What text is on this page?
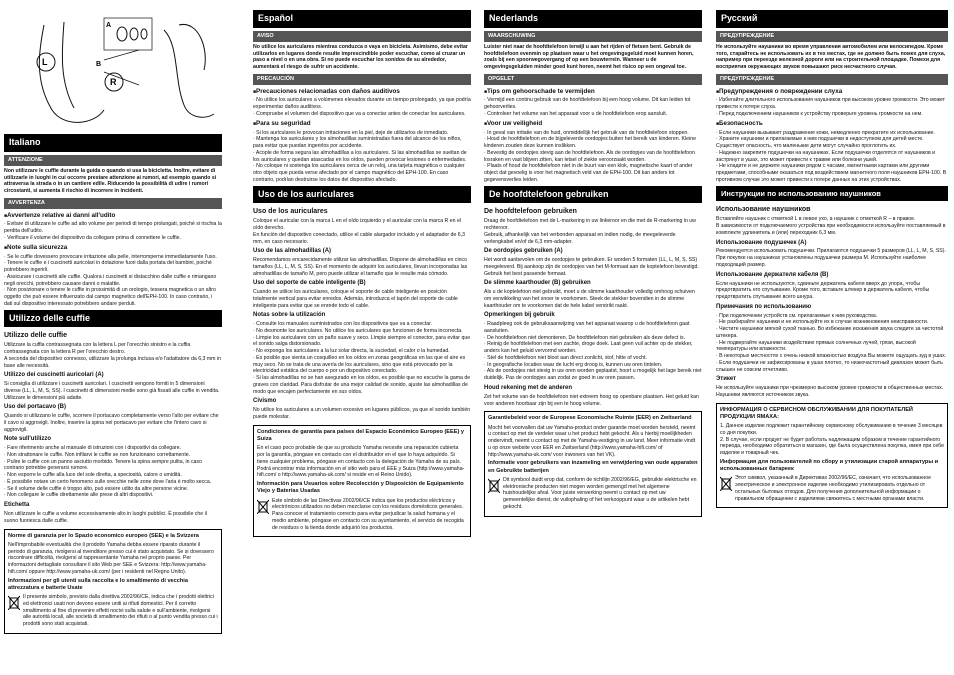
L
R
A
B
Italiano
ATTENZIONE

Non utilizzare le cuffie durante la guida o quando si usa la bicicletta. Inoltre, evitare di utilizzarle in luoghi in cui occorre prestare attenzione ai rumori, ad esempio quando si attraversa la strada o in un cantiere edile. Riducendo la possibilità di udire i rumori circostanti, si aumenta il rischio di incorrere in incidenti.

AVVERTENZA
■ Avvertenze relative ai danni all'udito

· Evitare di utilizzare le cuffie ad alto volume per periodi di tempo prolungati, poiché si rischia la perdita dell'udito.
· Verificare il volume del dispositivo da collegare prima di connettere le cuffie.

■ Note sulla sicurezza

· Se le cuffie dovessero provocare irritazione alla pelle, interromperne immediatamente l'uso.
· Tenere le cuffie e i cuscinetti auricolari in dotazione fuori dalla portata dei bambini, poiché potrebbero ingerirli.
· Assicurare i cuscinetti alle cuffie. Qualora i cuscinetti si distacchino dalle cuffie e rimangano negli orecchi, potrebbero causare danni o malattie.
· Non posizionare o tenere le cuffie in prossimità di un orologio, tessera magnetica o un altro oggetto che può essere influenzato dal campo magnetico dell'EPH-100. In caso contrario, i dati sul dispositivo interessato potrebbero andare perduti.

Utilizzo delle cuffie
Utilizzo delle cuffie

Utilizzare la cuffia contrassegnata con la lettera L per l'orecchio sinistro e la cuffia contrassegnata con la lettera R per l'orecchio destro.
A seconda del dispositivo connesso, utilizzare la prolunga inclusa e/o l'adattatore da 6,3 mm in base alle necessità.

Utilizzo dei cuscinetti auricolari (A)

Si consiglia di utilizzare i cuscinetti auricolari. I cuscinetti vengono forniti in 5 dimensioni diverse (LL, L, M, S, SS). I cuscinetti di dimensioni medie sono già fissati alle cuffie in vendita. Utilizzare le dimensioni più adatte.

Uso del portacavo (B)

Quando si utilizzano le cuffie, scorrere il portacavo completamente verso l'alto per evitare che il cavo si aggrovigli. Inoltre, inserire la spina nel portacavo per evitare che l'intero cavo si aggrovigli.

Note sull'utilizzo

· Fare riferimento anche al manuale di istruzioni con i dispositivi da collegare.
· Non strattonare le cuffie. Non infilarvi le cuffie se non funzionano correttamente.
· Pulire le cuffie con un panno asciutto morbido. Tenere la spina sempre pulita, in caso contrario potrebbe generarsi rumore.
· Non esporre le cuffie alla luce del sole diretta, a speciosità, calore o umidità.
· È possibile notare un certo fenomeno sulle orecchie nelle zone dove l'aria è molto secca.
· Se il volume delle cuffie è troppo alto, può essere udito da altre persone vicine.
· Non collegare le cuffie direttamente alle prese di altri dispositivi.

Etichetta

Non utilizzare le cuffie a volume eccessivamente alto in luoghi pubblici. È possibile che il suono fuoriesca dalle cuffie.

Norme di garanzia per lo Spazio economico europeo (SEE) e la Svizzera

Nell'improbabile eventualità che il prodotto Yamaha debba essere riparato durante il periodo di garanzia, rivolgersi al rivenditore presso cui è stato acquistato. Se si dovessero riscontrare difficoltà, rivolgersi al rappresentante Yamaha nel proprio paese. Per informazioni dettagliate consultare il sito Web per SEE e Svizzera: http://www.yamaha-hifi.com/ oppure http://www.yamaha-uk.com/ (per i residenti nel Regno Unito).

Informazioni per gli utenti sulla raccolta e lo smaltimento di vecchia attrezzatura e batterie Usate

Il presente simbolo, previsto dalla direttiva 2002/96/CE, indica che i prodotti elettrici ed elettronici usati non devono essere uniti ai rifiuti domestici. Per il corretto smaltimento al fine di prevenire effetti nocivi sulla salute e sull'ambiente, rivolgersi alle autorità locali, alle società di smaltimento dei rifiuti o al punto vendita presso cui i prodotti sono stati acquistati.

Español
AVISO

No utilice los auriculares mientras conduzca o vaya en bicicleta. Asimismo, debe evitar utilizarlos en lugares donde resulte imprescindible poder escuchar, como al cruzar un paso a nivel o en una obra. Si no puede escuchar los sonidos de su alrededor, aumentará el riesgo de sufrir un accidente.

PRECAUCIÓN
■ Precauciones relacionadas con daños auditivos

· No utilice los auriculares a volúmenes elevados durante un tiempo prolongado, ya que podría experimentar daños auditivos.
· Compruebe el volumen del dispositivo que va a conectar antes de conectar los auriculares.

■ Para su seguridad

· Si los auriculares le provocan irritaciones en la piel, deje de utilizarlos de inmediato.
· Mantenga los auriculares y los almohadillas suministradas fuera del alcance de los niños, para evitar que puedan ingerirlos por accidente.
· Acople de forma segura las almohadillas a los auriculares. Si las almohadillas se sueltan de los auriculares y quedan atascadas en los oídos, pueden provocar lesiones o enfermedades.
· No coloque ni sostenga los auriculares cerca de un reloj, una tarjeta magnética o cualquier otro objeto que pueda verse afectado por el campo magnético del EPH-100. En caso contrario, podrían destruirse los datos del dispositivo afectado.

Uso de los auriculares
Uso de los auriculares

Coloque el auricular con la marca L en el oído izquierdo y el auricular con la marca R en el oído derecho.
En función del dispositivo conectado, utilice el cable alargador incluido y el adaptador de 6,3 mm, en caso necesario.

Uso de las almohadillas (A)

Recomendamos encarecidamente utilizar las almohadillas. Dispone de almohadillas en cinco tamaños (LL, L, M, S, SS). En el momento de adquirir los auriculares, llevan incorporadas las almohadillas de tamaño M, pero puede utilizar el tamaño que le resulte más cómodo.

Uso del soporte de cable inteligente (B)

Cuando se utilice los auriculares, coloque el soporte de cable inteligente en posición totalmente vertical para evitar enredos. Además, introduzca el tapón del soporte de cable inteligente para evitar que se enrede todo el cable.

Notas sobre la utilización

· Consulte los manuales suministrados con los dispositivos que va a conectar.
· No desmonte los auriculares. No utilice los auriculares que funcionen de forma incorrecta.
· Limpie los auriculares con un paño suave y seco. Limpie siempre el conector, para evitar que el sonido salga distorsionado.
· No exponga los auriculares a la luz solar directa, la suciedad, el calor o la humedad.
· Es posible que sienta un cosquilleo en los oídos en zonas geográficas en las que el aire es muy seco. No se trata de una avería de los auriculares, sino que está provocado por la electricidad estática del cuerpo o por un dispositivo conectado.
· Si las almohadillas no se han asegurado en los oídos, es posible que no escuche la gama de graves con claridad. Para disfrutar de una mejor calidad de sonido, ajuste las almohadillas de modo que encajen perfectamente en sus oídos.

Civismo

No utilice los auriculares a un volumen excesivo en lugares públicos, ya que el sonido también puede molestar.

Condiciones de garantía para países del Espacio Económico Europeo (EEE) y Suiza

En el caso poco probable de que su producto Yamaha necesite una reparación cubierta por la garantía, póngase en contacto con el distribuidor en el que lo haya adquirido. Si tiene cualquier problema, póngase en contacto con la delegación de Yamaha de su país. Podrá encontrar más información en el sitio web para el EEE y Suiza (http://www.yamaha-hifi.com/ o http://www.yamaha-uk.com/ si reside en el Reino Unido).

Información para Usuarios sobre Recolección y Disposición de Equipamiento Viejo y Baterías Usadas

Este símbolo de las Directivas 2002/96/CE indica que los productos eléctricos y electrónicos utilizados no deben mezclarse con los residuos domésticos generales. Para conocer el tratamiento correcto para evitar perjudicar la salud humana y el medio ambiente, póngase en contacto con su ayuntamiento, el servicio de recogida de residuos o la tienda donde adquirió los productos.

Nederlands
WAARSCHUWING

Luister niet naar de hoofdtelefoon terwijl u aan het rijden of fietsen bent. Gebruik de hoofdtelefoon evenmin op plaatsen waar u het omgevingsgeluid moet kunnen horen, zoals bij een spoorwegovergang of op een bouwterrein. Wanneer u de omgevingsgeluiden minder goed kunt horen, neemt het risico op een ongeval toe.

OPGELET
■ Tips om gehoorschade te vermijden

· Vermijd een continu gebruik van de hoofdtelefoon bij een hoog volume. Dit kan leiden tot gehoorverlies.
· Controleer het volume van het apparaat voor u de hoofdtelefoon erop aansluit.

■ Voor uw veiligheid

· In geval van irritatie van de huid, onmiddellijk het gebruik van de hoofdtelefoon stoppen.
· Houd de hoofdtelefoon en de bijgeleverde oordopjes buiten het bereik van kinderen. Kleine kinderen zouden deze kunnen inslikken.
· Bevestig de oordopjes stevig aan de hoofdtelefoon. Als de oordopjes van de hoofdtelefoon losraken en vast blijven zitten, kan letsel of ziekte veroorzaakt worden.
· Plaats of houd de hoofdtelefoon niet in de buurt van een klok, magnetische kaart of ander object dat gevoelig is voor het magnetisch veld van de EPH-100. Dit kan anders tot gegevensverlies leiden.

De hoofdtelefoon gebruiken
De hoofdtelefoon gebruiken

Draag de hoofdtelefoon met de L-markering in uw linkeroor en die met de R-markering in uw rechteroor.
Gebruik, afhankelijk van het verbonden apparaat en indien nodig, de meegeleverde verlengkabel en/of de 6,3 mm-adapter.

De oordopjes gebruiken (A)

Het wordt aanbevolen om de oordopjes te gebruiken. Er worden 5 formaten (LL, L, M, S, SS) meegeleverd. Bij aankoop zijn de oordopjes van het M-formaat aan de koptelefoon bevestigd. Gebruik het best passende formaat.

De slimme kaarthouder (B) gebruiken

Als u de koptelefoon niet gebruikt, moet u de slimme kaarthouder volledig omhoog schuiven om verwikkeling van het snoer te voorkomen. Steek de stekker bovendien in de slimme kaarthouder om te voorkomen dat de hele kabel verstrikt raakt.

Opmerkingen bij gebruik

· Raadpleeg ook de gebruiksaanwijzing van het apparaat waarop u de hoofdtelefoon gaat aansluiten.
· De hoofdtelefoon niet demonteren. De hoofdtelefoon niet gebruiken als deze defect is.
· Reinig de hoofdtelefoon met een zachte, droge doek. Laat geen vuil achter op de stekker, anders kan het geluid vervormd worden.
· Stel de hoofdtelefoon niet bloot aan direct zonlicht, stof, hitte of vocht.
· In geografische locaties waar de lucht erg droog is, kunnen uw oren tintelen.
· Als de oordopjes niet stevig in uw oren worden geplaatst, hoort u mogelijk het lage bereik niet duidelijk. Pas de oordopjes aan zodat ze goed in uw oren passen.

Houd rekening met de anderen

Zet het volume van de hoofdtelefoon niet extreem hoog op openbare plaatsen. Het geluid kan voor anderen hoorbaar zijn bij een te hoog volume.

Garantiebeleid voor de Europese Economische Ruimte (EER) en Zwitserland

Mocht het voorvallen dat uw Yamaha-product onder garantie moet worden hersteld, neemt u contact op met de verdeler waar u het product hebt gekocht. Als u hierbij moeilijkheden ondervindt, neemt u contact op met de Yamaha-vestiging in uw land. Meer informatie vindt u op onze website voor EER en Zwitserland (http://www.yamaha-hifi.com/ of http://www.yamaha-uk.com/ voor inwoners van het VK).

Informatie voor gebruikers van inzameling en verwijdering van oude apparaten en Gebruikte batterijen

Dit symbool duidt erop dat, conform de richtlijn 2002/96/EG, gebruikte elektrische en elektronische producten niet mogen worden gemengd met het algemene huishoudelijke afval. Voor juiste verwerking neemt u contact op met uw gemeentelijke dienst, de vuilophaling of het verkooppunt waar u de artikelen hebt gekocht.

Русский
ПРЕДУПРЕЖДЕНИЕ

Не используйте наушники во время управления автомобилем или велосипедом. Кроме того, старайтесь не использовать их в тех местах, где не должно быть помех для слуха, например при переезде железной дороги или на строительной площадке. Помехи для восприятия окружающих звуков повышают риск несчастного случая.

ПРЕДУПРЕЖДЕНИЕ
■ Предупреждения о повреждении слуха

· Избегайте длительного использования наушников при высоком уровне громкости. Это может привести к потере слуха.
· Перед подключением наушников к устройству проверьте уровень громкости на нем.

■ Безопасность

· Если наушники вызывают раздражение кожи, немедленно прекратите их использование.
· Храните наушники и прилагаемые к ним подушечки в недоступном для детей месте. Существует опасность, что маленькие дети могут случайно проглотить их.
· Надежно закрепите подушечки на наушниках. Если подушечки отделятся от наушников и застрянут в ушах, это может привести к травме или болезни ушей.
· Не кладите и не держите наушники рядом с часами, магнитными картами или другими предметами, способными оказаться под воздействием магнитного поля наушников EPH-100. В противном случае это может привести к потере данных на этих устройствах.

Инструкции по использованию наушников
Использование наушников

Вставляйте наушник с отметкой L в левое ухо, а наушник с отметкой R – в правое.
В зависимости от подключаемого устройства при необходимости используйте поставляемый в комплекте удлинитель и (или) переходник 6,3 мм.

Использование подушечек (A)

Рекомендуется использовать подушечки. Прилагаются подушечки 5 размеров (LL, L, M, S, SS). При покупке на наушниках установлены подушечки размера M. Используйте наиболее подходящий размер.

Использование держателя кабеля (B)

Если наушники не используются, сдвиньте держатель кабеля вверх до упора, чтобы предотвратить его спутывание. Кроме того, вставьте штекер в держатель кабеля, чтобы предотвратить спутывание всего шнура.

Примечания по использованию

· При подключении устройств см. прилагаемые к ним руководства.
· Не разбирайте наушники и не используйте их в случае возникновения неисправности.
· Чистите наушники мягкой сухой тканью. Во избежание искажения звука следите за чистотой штекера.
· Не подвергайте наушники воздействию прямых солнечных лучей, грязи, высокой температуры или влажности.
· В некоторых местностях с очень низкой влажностью воздуха Вы можете ощущать зуд в ушах.
· Если подушечки не зафиксированы в ушах плотно, то низкочастотный диапазон может быть слышен не совсем отчетливо.

Этикет

Не используйте наушники при чрезмерно высоком уровне громкости в общественных местах. Наушники являются источником звука.

ИНФОРМАЦИЯ О СЕРВИСНОМ ОБСЛУЖИВАНИИ ДЛЯ ПОКУПАТЕЛЕЙ ПРОДУКЦИИ ЯМАХА:

1. Данное изделие подлежит гарантийному сервисному обслуживанию в течение 3 месяцев со дня покупки.
2. В случае, если продукт не будет работать надлежащим образом в течение гарантийного периода, необходимо обратиться в магазин, где была осуществлена покупка, имея при себе изделие и товарный чек.

Информация для пользователей по сбору и утилизации старой аппаратуры и использованных батареек

Этот символ, указанный в Директивах 2002/96/EC, означает, что использованное электрическое и электронное изделие необходимо утилизировать отдельно от остальных бытовых отходов. Для получения дополнительной информации о правильном обращении с изделиями свяжитесь с местными органами власти.
